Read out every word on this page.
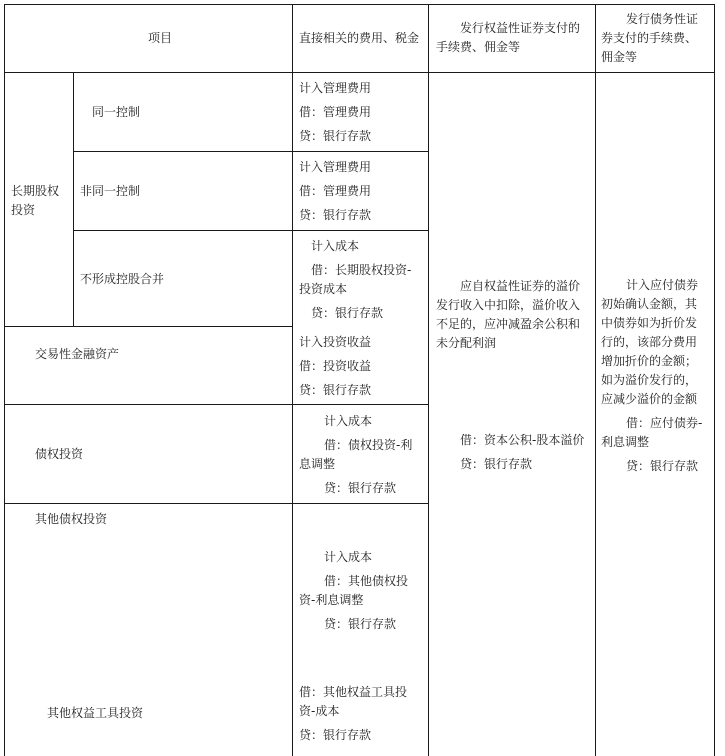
项目	直接相关的费用、税金
发行权益性证券支付的
手续费、佣金等
发行债务性证
券支付的手续费、
佣金等
长期股权
投资
同一控制
计入管理费用
借：管理费用
贷：银行存款
非同一控制
计入管理费用
借：管理费用
贷：银行存款
不形成控股合并
计入成本
借：长期股权投资-
投资成本
贷：银行存款
交易性金融资产
计入投资收益
借：投资收益
贷：银行存款
债权投资
计入成本
借：债权投资-利
息调整
贷：银行存款
其他债权投资
计入成本
借：其他债权投
资-利息调整
贷：银行存款
其他权益工具投资
借：其他权益工具投
资-成本
贷：银行存款
应自权益性证券的溢价
发行收入中扣除，溢价收入
不足的，应冲减盈余公积和
未分配利润
借：资本公积-股本溢价
贷：银行存款
计入应付债券
初始确认金额，其
中债券如为折价发
行的，该部分费用
增加折价的金额；
如为溢价发行的，
应减少溢价的金额
借：应付债券-
利息调整
贷：银行存款
